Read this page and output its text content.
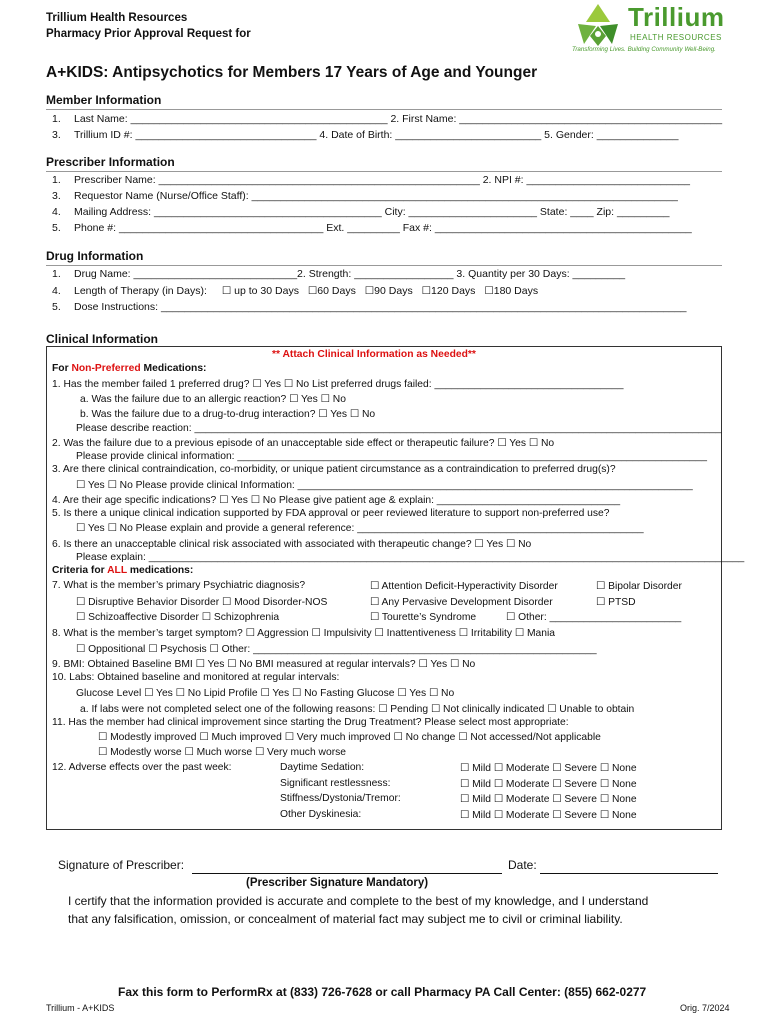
Trillium Health Resources
Pharmacy Prior Approval Request for
Trillium
HEALTH RESOURCES
Transforming Lives. Building Community Well-Being.
A+KIDS: Antipsychotics for Members 17 Years of Age and Younger
Member Information
1. Last Name: ____________________________________________ 2. First Name: _____________________________________________
3. Trillium ID #: _______________________________ 4. Date of Birth: _________________________ 5. Gender: ______________
Prescriber Information
1. Prescriber Name: _______________________________________________________ 2. NPI #: ____________________________
3. Requestor Name (Nurse/Office Staff): _________________________________________________________________________
4. Mailing Address: _______________________________________ City: ______________________ State: ____ Zip: _________
5. Phone #: ___________________________________ Ext. _________ Fax #: ____________________________________________
Drug Information
1. Drug Name: ____________________________2. Strength: _________________ 3. Quantity per 30 Days: _________
4. Length of Therapy (in Days): ☐ up to 30 Days ☐60 Days ☐90 Days ☐120 Days ☐180 Days
5. Dose Instructions: __________________________________________________________________________________________
Clinical Information
** Attach Clinical Information as Needed**
For Non-Preferred Medications:
1. Has the member failed 1 preferred drug? ☐ Yes ☐ No List preferred drugs failed: _________________________________
a. Was the failure due to an allergic reaction? ☐ Yes ☐ No
b. Was the failure due to a drug-to-drug interaction? ☐ Yes ☐ No
Please describe reaction: ____________________________________________________________________________________________
2. Was the failure due to a previous episode of an unacceptable side effect or therapeutic failure? ☐ Yes ☐ No
Please provide clinical information: __________________________________________________________________________________
3. Are there clinical contraindication, co-morbidity, or unique patient circumstance as a contraindication to preferred drug(s)?
☐ Yes ☐ No Please provide clinical Information: _____________________________________________________________________
4. Are their age specific indications? ☐ Yes ☐ No Please give patient age & explain: ________________________________
5. Is there a unique clinical indication supported by FDA approval or peer reviewed literature to support non-preferred use?
☐ Yes ☐ No Please explain and provide a general reference: __________________________________________________
6. Is there an unacceptable clinical risk associated with associated with therapeutic change? ☐ Yes ☐ No
Please explain: ________________________________________________________________________________________________________
Criteria for ALL medications:
7. What is the member’s primary Psychiatric diagnosis?	☐ Attention Deficit-Hyperactivity Disorder	☐ Bipolar Disorder
☐ Disruptive Behavior Disorder ☐ Mood Disorder-NOS	☐ Any Pervasive Development Disorder	☐ PTSD
☐ Schizoaffective Disorder ☐ Schizophrenia	☐ Tourette’s Syndrome	☐ Other: _______________________
8. What is the member’s target symptom? ☐ Aggression ☐ Impulsivity ☐ Inattentiveness ☐ Irritability ☐ Mania
☐ Oppositional ☐ Psychosis ☐ Other: ____________________________________________________________
9. BMI: Obtained Baseline BMI ☐ Yes ☐ No BMI measured at regular intervals? ☐ Yes ☐ No
10. Labs: Obtained baseline and monitored at regular intervals:
Glucose Level ☐ Yes ☐ No Lipid Profile ☐ Yes ☐ No Fasting Glucose ☐ Yes ☐ No
a. If labs were not completed select one of the following reasons: ☐ Pending ☐ Not clinically indicated ☐ Unable to obtain
11. Has the member had clinical improvement since starting the Drug Treatment? Please select most appropriate:
☐ Modestly improved ☐ Much improved ☐ Very much improved ☐ No change ☐ Not accessed/Not applicable
☐ Modestly worse ☐ Much worse ☐ Very much worse
12. Adverse effects over the past week:	Daytime Sedation:	☐ Mild ☐ Moderate ☐ Severe ☐ None
Significant restlessness:	☐ Mild ☐ Moderate ☐ Severe ☐ None
Stiffness/Dystonia/Tremor:	☐ Mild ☐ Moderate ☐ Severe ☐ None
Other Dyskinesia:	☐ Mild ☐ Moderate ☐ Severe ☐ None
Signature of Prescriber:	Date:
(Prescriber Signature Mandatory)
I certify that the information provided is accurate and complete to the best of my knowledge, and I understand
that any falsification, omission, or concealment of material fact may subject me to civil or criminal liability.
Fax this form to PerformRx at (833) 726-7628 or call Pharmacy PA Call Center: (855) 662-0277
Trillium - A+KIDS	Orig. 7/2024
